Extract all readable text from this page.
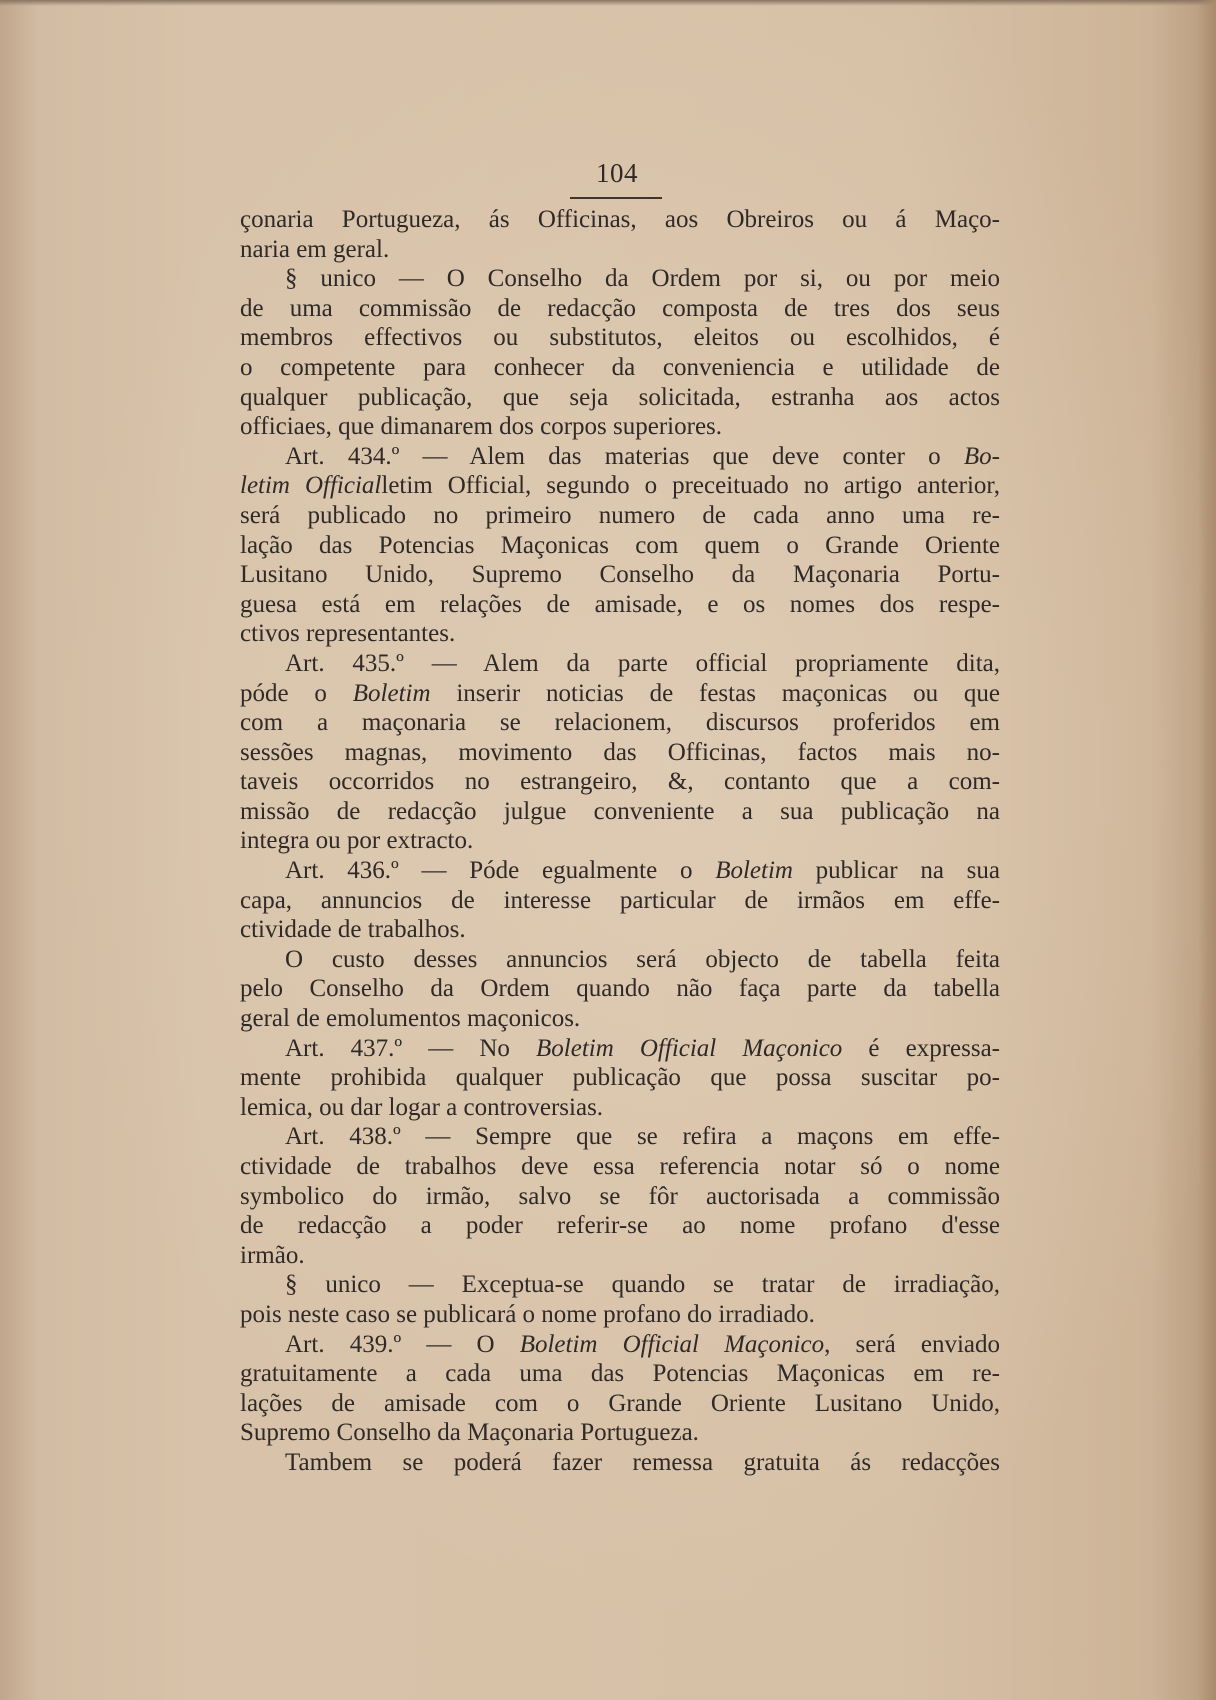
104
çonaria Portugueza, ás Officinas, aos Obreiros ou á Maço-
naria em geral.
§ unico — O Conselho da Ordem por si, ou por meio
de uma commissão de redacção composta de tres dos seus
membros effectivos ou substitutos, eleitos ou escolhidos, é
o competente para conhecer da conveniencia e utilidade de
qualquer publicação, que seja solicitada, estranha aos actos
officiaes, que dimanarem dos corpos superiores.
Art. 434.º — Alem das materias que deve conter o Bo-
letim Officialletim Official, segundo o preceituado no artigo anterior,
será publicado no primeiro numero de cada anno uma re-
lação das Potencias Maçonicas com quem o Grande Oriente
Lusitano Unido, Supremo Conselho da Maçonaria Portu-
guesa está em relações de amisade, e os nomes dos respe-
ctivos representantes.
Art. 435.º — Alem da parte official propriamente dita,
póde o Boletim inserir noticias de festas maçonicas ou que
com a maçonaria se relacionem, discursos proferidos em
sessões magnas, movimento das Officinas, factos mais no-
taveis occorridos no estrangeiro, &, contanto que a com-
missão de redacção julgue conveniente a sua publicação na
integra ou por extracto.
Art. 436.º — Póde egualmente o Boletim publicar na sua
capa, annuncios de interesse particular de irmãos em effe-
ctividade de trabalhos.
O custo desses annuncios será objecto de tabella feita
pelo Conselho da Ordem quando não faça parte da tabella
geral de emolumentos maçonicos.
Art. 437.º — No Boletim Official Maçonico é expressa-
mente prohibida qualquer publicação que possa suscitar po-
lemica, ou dar logar a controversias.
Art. 438.º — Sempre que se refira a maçons em effe-
ctividade de trabalhos deve essa referencia notar só o nome
symbolico do irmão, salvo se fôr auctorisada a commissão
de redacção a poder referir-se ao nome profano d'esse
irmão.
§ unico — Exceptua-se quando se tratar de irradiação,
pois neste caso se publicará o nome profano do irradiado.
Art. 439.º — O Boletim Official Maçonico, será enviado
gratuitamente a cada uma das Potencias Maçonicas em re-
lações de amisade com o Grande Oriente Lusitano Unido,
Supremo Conselho da Maçonaria Portugueza.
Tambem se poderá fazer remessa gratuita ás redacções
